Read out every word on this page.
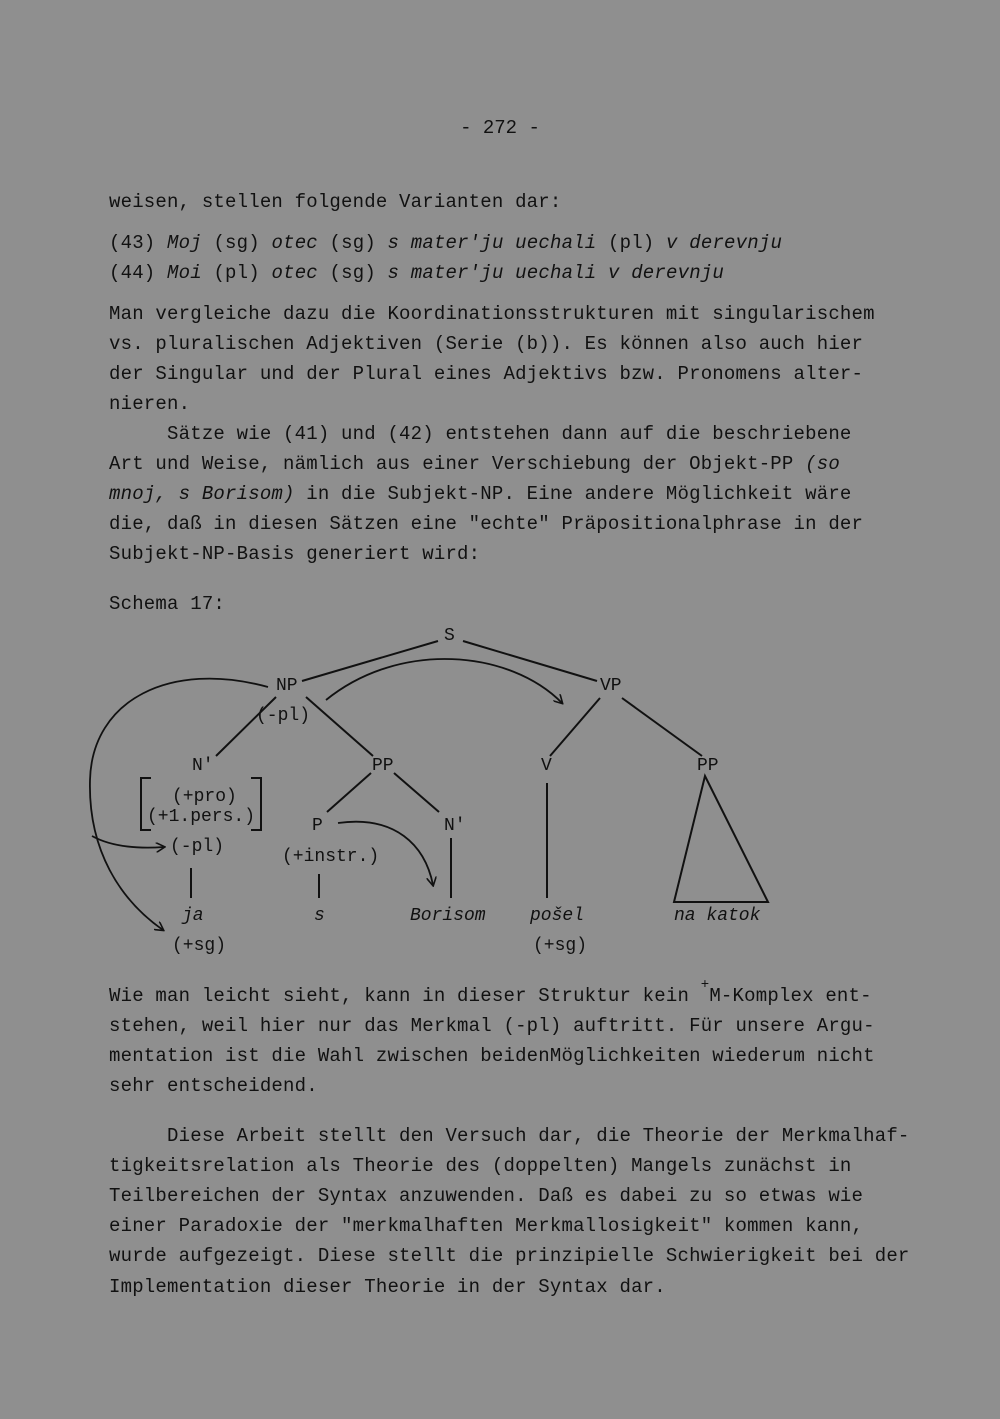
- 272 -
weisen, stellen folgende Varianten dar:
(43) Moj (sg) otec (sg) s mater'ju uechali (pl) v derevnju
(44) Moi (pl) otec (sg) s mater'ju uechali v derevnju
Man vergleiche dazu die Koordinationsstrukturen mit singularischem
vs. pluralischen Adjektiven (Serie (b)). Es können also auch hier
der Singular und der Plural eines Adjektivs bzw. Pronomens alter-
nieren.
Sätze wie (41) und (42) entstehen dann auf die beschriebene
Art und Weise, nämlich aus einer Verschiebung der Objekt-PP (so
mnoj, s Borisom) in die Subjekt-NP. Eine andere Möglichkeit wäre
die, daß in diesen Sätzen eine "echte" Präpositionalphrase in der
Subjekt-NP-Basis generiert wird:
Schema 17:
S
NP
(-pl)
VP
N'
(+pro)
(+1.pers.)
(-pl)
PP
P
(+instr.)
N'
V	PP
ja
(+sg)
s	Borisom pošel
(+sg)
na katok
Wie man leicht sieht, kann in dieser Struktur kein +M-Komplex ent-
stehen, weil hier nur das Merkmal (-pl) auftritt. Für unsere Argu-
mentation ist die Wahl zwischen beidenMöglichkeiten wiederum nicht
sehr entscheidend.
Diese Arbeit stellt den Versuch dar, die Theorie der Merkmalhaf-
tigkeitsrelation als Theorie des (doppelten) Mangels zunächst in
Teilbereichen der Syntax anzuwenden. Daß es dabei zu so etwas wie
einer Paradoxie der "merkmalhaften Merkmallosigkeit" kommen kann,
wurde aufgezeigt. Diese stellt die prinzipielle Schwierigkeit bei der
Implementation dieser Theorie in der Syntax dar.
